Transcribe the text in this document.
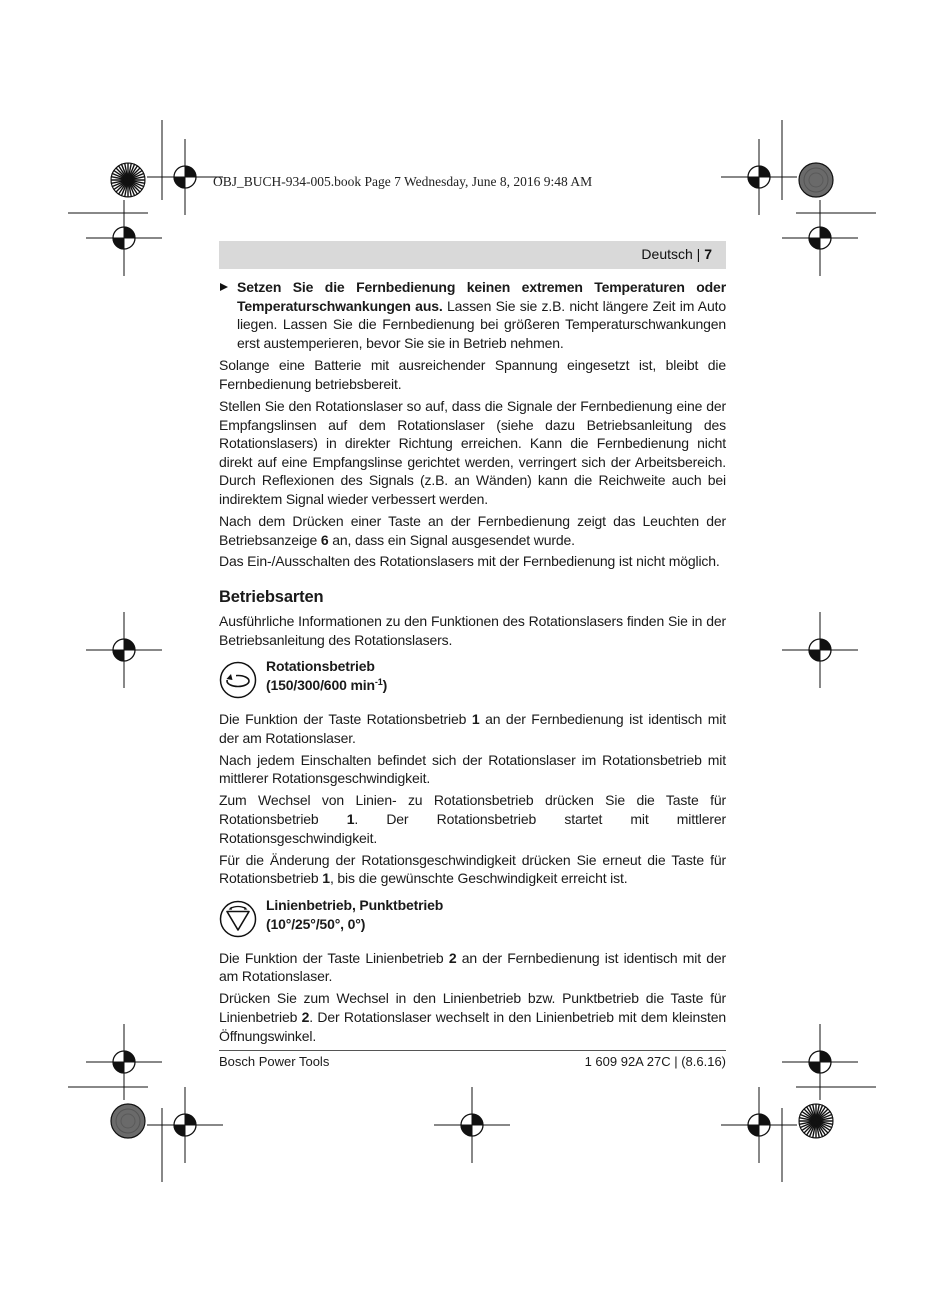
OBJ_BUCH-934-005.book Page 7 Wednesday, June 8, 2016 9:48 AM
Deutsch | 7
Setzen Sie die Fernbedienung keinen extremen Temperaturen oder Temperaturschwankungen aus. Lassen Sie sie z.B. nicht längere Zeit im Auto liegen. Lassen Sie die Fernbedienung bei größeren Temperaturschwankungen erst austemperieren, bevor Sie sie in Betrieb nehmen.

Solange eine Batterie mit ausreichender Spannung eingesetzt ist, bleibt die Fernbedienung betriebsbereit.

Stellen Sie den Rotationslaser so auf, dass die Signale der Fernbedienung eine der Empfangslinsen auf dem Rotationslaser (siehe dazu Betriebsanleitung des Rotationslasers) in direkter Richtung erreichen. Kann die Fernbedienung nicht direkt auf eine Empfangslinse gerichtet werden, verringert sich der Arbeitsbereich. Durch Reflexionen des Signals (z.B. an Wänden) kann die Reichweite auch bei indirektem Signal wieder verbessert werden.

Nach dem Drücken einer Taste an der Fernbedienung zeigt das Leuchten der Betriebsanzeige 6 an, dass ein Signal ausgesendet wurde.

Das Ein-/Ausschalten des Rotationslasers mit der Fernbedienung ist nicht möglich.

Betriebsarten

Ausführliche Informationen zu den Funktionen des Rotationslasers finden Sie in der Betriebsanleitung des Rotationslasers.

Rotationsbetrieb
(150/300/600 $\min^{-1}$)

Die Funktion der Taste Rotationsbetrieb 1 an der Fernbedienung ist identisch mit der am Rotationslaser.

Nach jedem Einschalten befindet sich der Rotationslaser im Rotationsbetrieb mit mittlerer Rotationsgeschwindigkeit.

Zum Wechsel von Linien- zu Rotationsbetrieb drücken Sie die Taste für Rotationsbetrieb 1. Der Rotationsbetrieb startet mit mittlerer Rotationsgeschwindigkeit.

Für die Änderung der Rotationsgeschwindigkeit drücken Sie erneut die Taste für Rotationsbetrieb 1, bis die gewünschte Geschwindigkeit erreicht ist.

Linienbetrieb, Punktbetrieb
(10°/25°/50°, 0°)

Die Funktion der Taste Linienbetrieb 2 an der Fernbedienung ist identisch mit der am Rotationslaser.

Drücken Sie zum Wechsel in den Linienbetrieb bzw. Punktbetrieb die Taste für Linienbetrieb 2. Der Rotationslaser wechselt in den Linienbetrieb mit dem kleinsten Öffnungswinkel.

Bosch Power Tools	1 609 92A 27C | (8.6.16)
